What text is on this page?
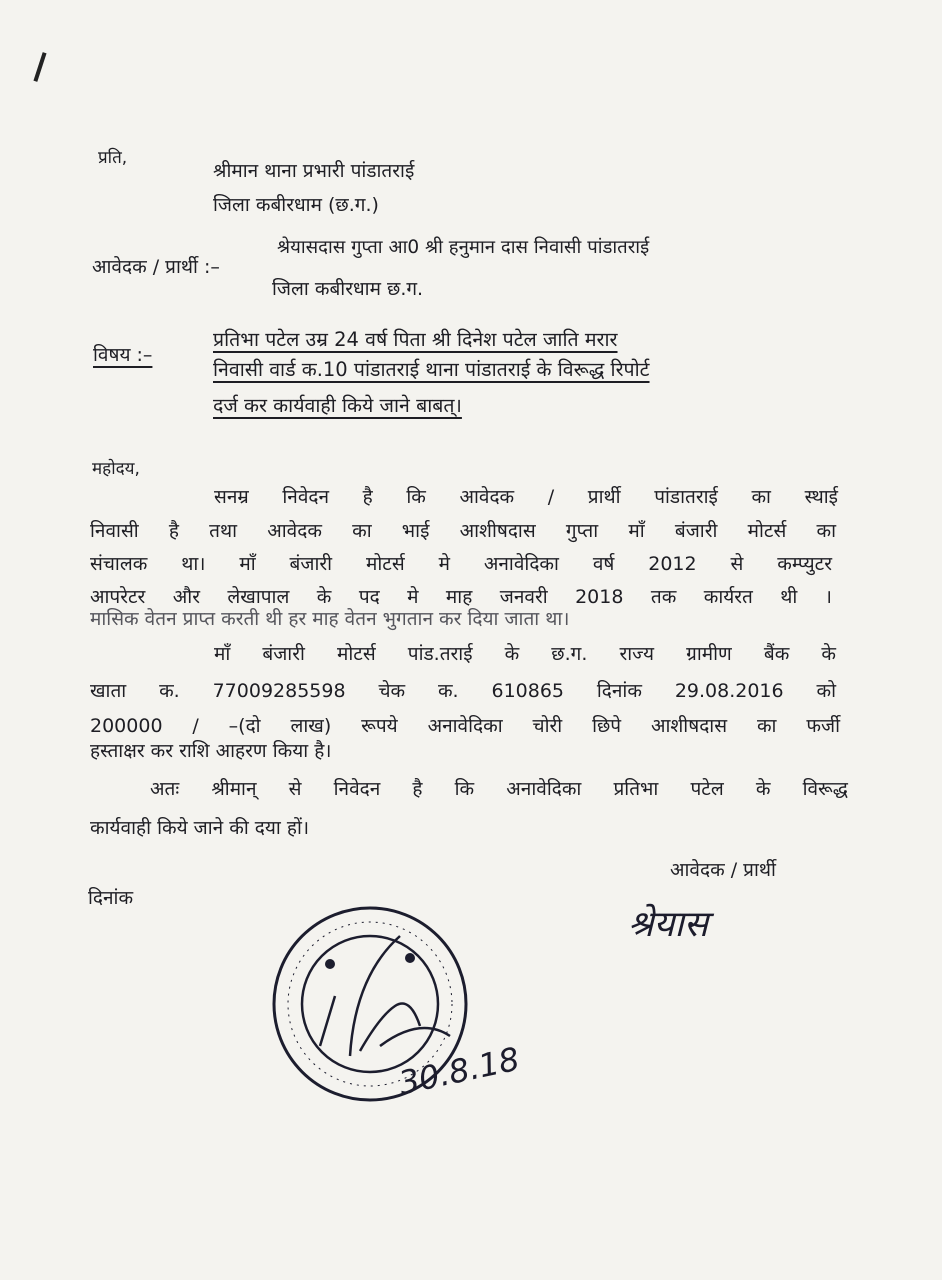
प्रति,
श्रीमान थाना प्रभारी पांडातराई
जिला कबीरधाम (छ.ग.)
आवेदक / प्रार्थी :–
श्रेयासदास गुप्ता आ0 श्री हनुमान दास निवासी पांडातराई
जिला कबीरधाम छ.ग.
विषय :–
प्रतिभा पटेल उम्र 24 वर्ष पिता श्री दिनेश पटेल जाति मरार
निवासी वार्ड क.10 पांडातराई थाना पांडातराई के विरूद्ध रिपोर्ट
दर्ज कर कार्यवाही किये जाने बाबत्।
महोदय,
सनम्र निवेदन है कि आवेदक / प्रार्थी पांडातराई का स्थाई
निवासी है तथा आवेदक का भाई आशीषदास गुप्ता माँ बंजारी मोटर्स का
संचालक था। माँ बंजारी मोटर्स मे अनावेदिका वर्ष 2012 से कम्प्युटर
आपरेटर और लेखापाल के पद मे माह जनवरी 2018 तक कार्यरत थी ।
मासिक वेतन प्राप्त करती थी हर माह वेतन भुगतान कर दिया जाता था।
माँ बंजारी मोटर्स पांड.तराई के छ.ग. राज्य ग्रामीण बैंक के
खाता क. 77009285598 चेक क. 610865 दिनांक 29.08.2016 को
200000 / –(दो लाख) रूपये अनावेदिका चोरी छिपे आशीषदास का फर्जी
हस्ताक्षर कर राशि आहरण किया है।
अतः श्रीमान् से निवेदन है कि अनावेदिका प्रतिभा पटेल के विरूद्ध
कार्यवाही किये जाने की दया हों।
आवेदक / प्रार्थी
दिनांक
श्रेयास
30.8.18
